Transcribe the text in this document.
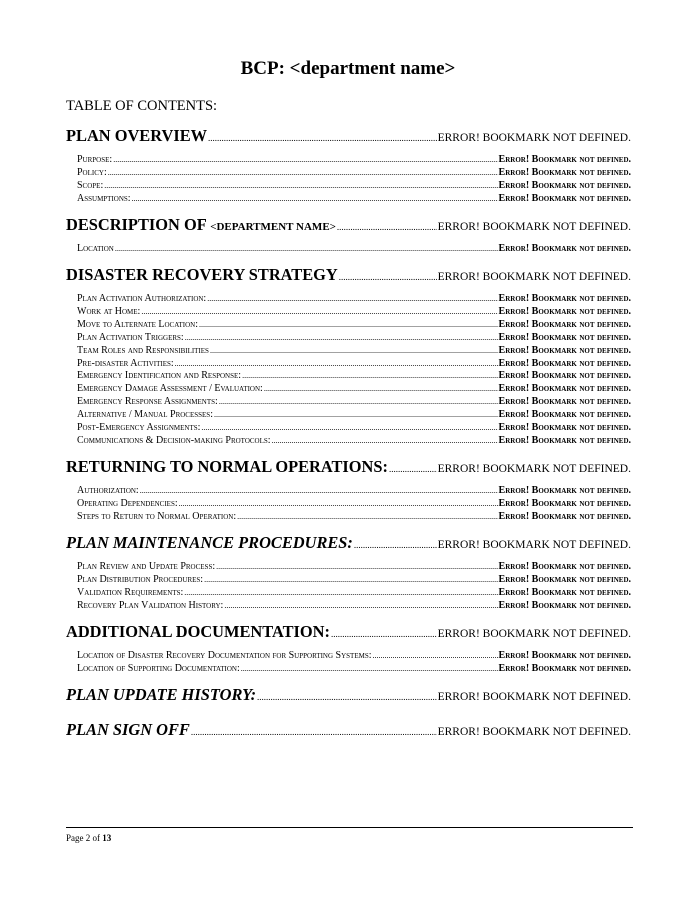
BCP: <department name>
TABLE OF CONTENTS:
PLAN OVERVIEW .....	ERROR! BOOKMARK NOT DEFINED.
Purpose: .....	Error! Bookmark not defined.
Policy: .....	Error! Bookmark not defined.
Scope: .....	Error! Bookmark not defined.
Assumptions: .....	Error! Bookmark not defined.
DESCRIPTION OF <DEPARTMENT NAME> .....	ERROR! BOOKMARK NOT DEFINED.
Location .....	Error! Bookmark not defined.
DISASTER RECOVERY STRATEGY .....	ERROR! BOOKMARK NOT DEFINED.
Plan Activation Authorization: .....	Error! Bookmark not defined.
Work at Home: .....	Error! Bookmark not defined.
Move to Alternate Location: .....	Error! Bookmark not defined.
Plan Activation Triggers: .....	Error! Bookmark not defined.
Team Roles and Responsibilities .....	Error! Bookmark not defined.
Pre-disaster Activities: .....	Error! Bookmark not defined.
Emergency Identification and Response: .....	Error! Bookmark not defined.
Emergency Damage Assessment / Evaluation: .....	Error! Bookmark not defined.
Emergency Response Assignments: .....	Error! Bookmark not defined.
Alternative / Manual Processes: .....	Error! Bookmark not defined.
Post-Emergency Assignments: .....	Error! Bookmark not defined.
Communications & Decision-making Protocols: .....	Error! Bookmark not defined.
RETURNING TO NORMAL OPERATIONS: .....	ERROR! BOOKMARK NOT DEFINED.
Authorization: .....	Error! Bookmark not defined.
Operating Dependencies: .....	Error! Bookmark not defined.
Steps to Return to Normal Operation: .....	Error! Bookmark not defined.
PLAN MAINTENANCE PROCEDURES: .....	ERROR! BOOKMARK NOT DEFINED.
Plan Review and Update Process: .....	Error! Bookmark not defined.
Plan Distribution Procedures: .....	Error! Bookmark not defined.
Validation Requirements: .....	Error! Bookmark not defined.
Recovery Plan Validation History: .....	Error! Bookmark not defined.
ADDITIONAL DOCUMENTATION: .....	ERROR! BOOKMARK NOT DEFINED.
Location of Disaster Recovery Documentation for Supporting Systems: .....	Error! Bookmark not defined.
Location of Supporting Documentation: .....	Error! Bookmark not defined.
PLAN UPDATE HISTORY: .....	ERROR! BOOKMARK NOT DEFINED.
PLAN SIGN OFF .....	ERROR! BOOKMARK NOT DEFINED.
Page 2 of 13
